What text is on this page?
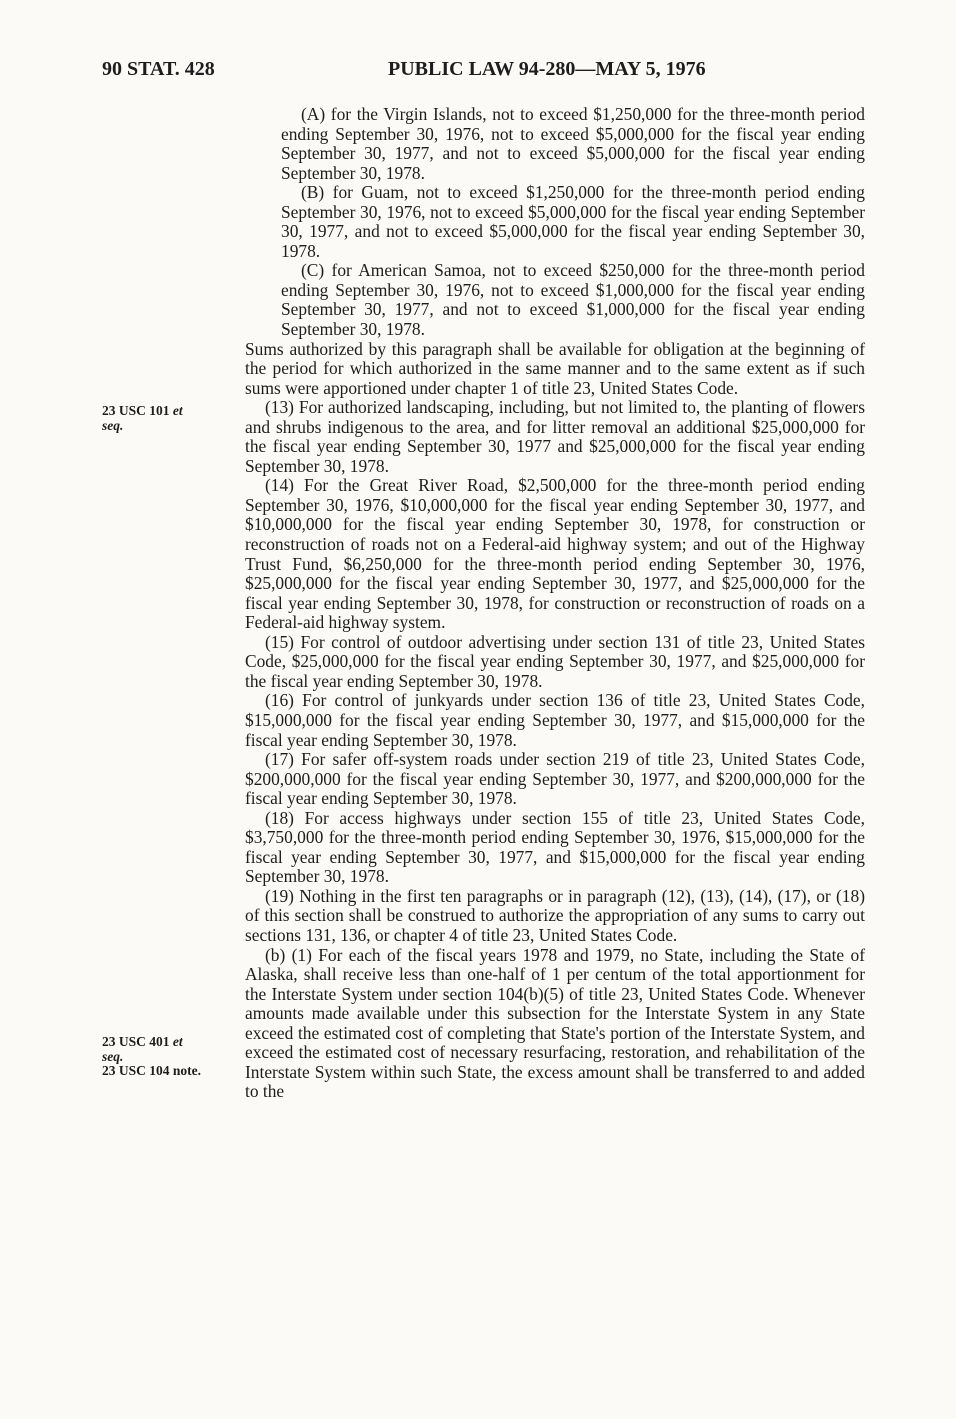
90 STAT. 428	PUBLIC LAW 94-280—MAY 5, 1976
23 USC 101 et
seq.
23 USC 401 et
seq.
23 USC 104 note.

(A) for the Virgin Islands, not to exceed $1,250,000 for the three-month period ending September 30, 1976, not to exceed $5,000,000 for the fiscal year ending September 30, 1977, and not to exceed $5,000,000 for the fiscal year ending September 30, 1978.

(B) for Guam, not to exceed $1,250,000 for the three-month period ending September 30, 1976, not to exceed $5,000,000 for the fiscal year ending September 30, 1977, and not to exceed $5,000,000 for the fiscal year ending September 30, 1978.

(C) for American Samoa, not to exceed $250,000 for the three-month period ending September 30, 1976, not to exceed $1,000,000 for the fiscal year ending September 30, 1977, and not to exceed $1,000,000 for the fiscal year ending September 30, 1978.

Sums authorized by this paragraph shall be available for obligation at the beginning of the period for which authorized in the same manner and to the same extent as if such sums were apportioned under chapter 1 of title 23, United States Code.

(13) For authorized landscaping, including, but not limited to, the planting of flowers and shrubs indigenous to the area, and for litter removal an additional $25,000,000 for the fiscal year ending September 30, 1977 and $25,000,000 for the fiscal year ending September 30, 1978.

(14) For the Great River Road, $2,500,000 for the three-month period ending September 30, 1976, $10,000,000 for the fiscal year ending September 30, 1977, and $10,000,000 for the fiscal year ending September 30, 1978, for construction or reconstruction of roads not on a Federal-aid highway system; and out of the Highway Trust Fund, $6,250,000 for the three-month period ending September 30, 1976, $25,000,000 for the fiscal year ending September 30, 1977, and $25,000,000 for the fiscal year ending September 30, 1978, for construction or reconstruction of roads on a Federal-aid highway system.

(15) For control of outdoor advertising under section 131 of title 23, United States Code, $25,000,000 for the fiscal year ending September 30, 1977, and $25,000,000 for the fiscal year ending September 30, 1978.

(16) For control of junkyards under section 136 of title 23, United States Code, $15,000,000 for the fiscal year ending September 30, 1977, and $15,000,000 for the fiscal year ending September 30, 1978.

(17) For safer off-system roads under section 219 of title 23, United States Code, $200,000,000 for the fiscal year ending September 30, 1977, and $200,000,000 for the fiscal year ending September 30, 1978.

(18) For access highways under section 155 of title 23, United States Code, $3,750,000 for the three-month period ending September 30, 1976, $15,000,000 for the fiscal year ending September 30, 1977, and $15,000,000 for the fiscal year ending September 30, 1978.

(19) Nothing in the first ten paragraphs or in paragraph (12), (13), (14), (17), or (18) of this section shall be construed to authorize the appropriation of any sums to carry out sections 131, 136, or chapter 4 of title 23, United States Code.

(b) (1) For each of the fiscal years 1978 and 1979, no State, including the State of Alaska, shall receive less than one-half of 1 per centum of the total apportionment for the Interstate System under section 104(b)(5) of title 23, United States Code. Whenever amounts made available under this subsection for the Interstate System in any State exceed the estimated cost of completing that State's portion of the Interstate System, and exceed the estimated cost of necessary resurfacing, restoration, and rehabilitation of the Interstate System within such State, the excess amount shall be transferred to and added to the
